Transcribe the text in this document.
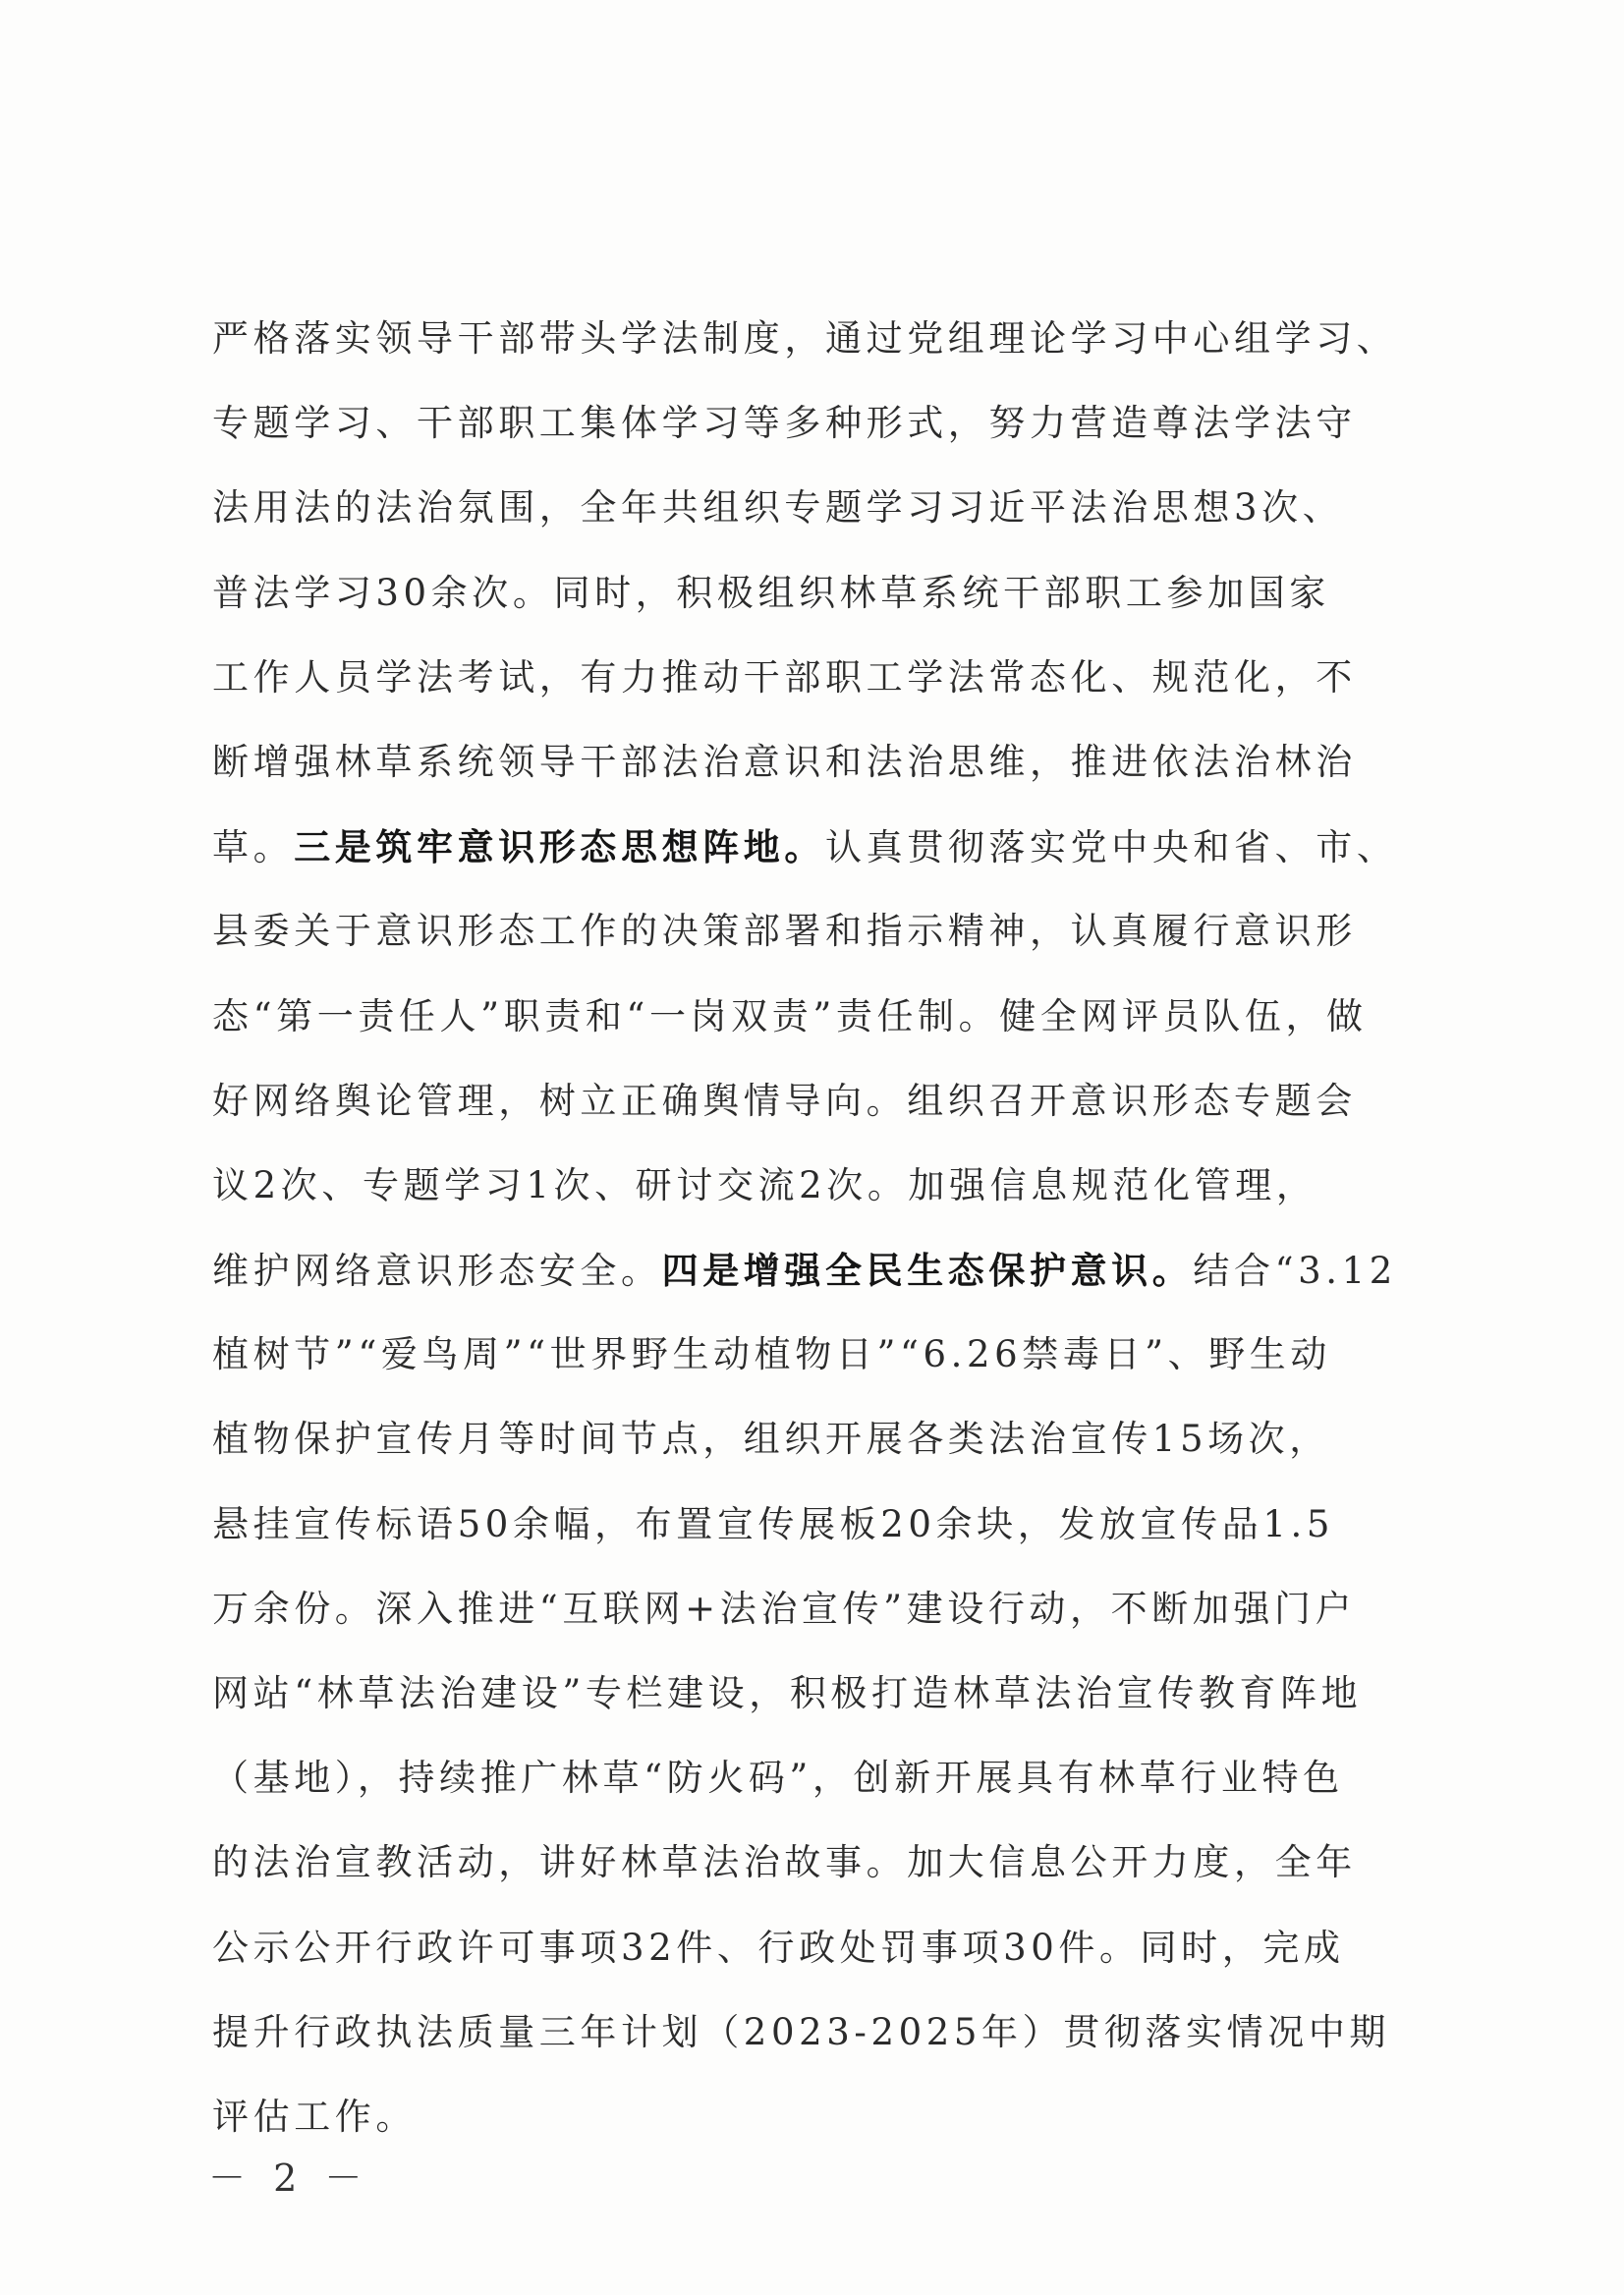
严格落实领导干部带头学法制度，通过党组理论学习中心组学习、
专题学习、干部职工集体学习等多种形式，努力营造尊法学法守
法用法的法治氛围，全年共组织专题学习习近平法治思想3次、
普法学习30余次。同时，积极组织林草系统干部职工参加国家
工作人员学法考试，有力推动干部职工学法常态化、规范化，不
断增强林草系统领导干部法治意识和法治思维，推进依法治林治
草。三是筑牢意识形态思想阵地。认真贯彻落实党中央和省、市、
县委关于意识形态工作的决策部署和指示精神，认真履行意识形
态“第一责任人”职责和“一岗双责”责任制。健全网评员队伍，做
好网络舆论管理，树立正确舆情导向。组织召开意识形态专题会
议2次、专题学习1次、研讨交流2次。加强信息规范化管理，
维护网络意识形态安全。四是增强全民生态保护意识。结合“3.12
植树节”“爱鸟周”“世界野生动植物日”“6.26禁毒日”、野生动
植物保护宣传月等时间节点，组织开展各类法治宣传15场次，
悬挂宣传标语50余幅，布置宣传展板20余块，发放宣传品1.5
万余份。深入推进“互联网+法治宣传”建设行动，不断加强门户
网站“林草法治建设”专栏建设，积极打造林草法治宣传教育阵地
（基地），持续推广林草“防火码”，创新开展具有林草行业特色
的法治宣教活动，讲好林草法治故事。加大信息公开力度，全年
公示公开行政许可事项32件、行政处罚事项30件。同时，完成
提升行政执法质量三年计划（2023-2025年）贯彻落实情况中期
评估工作。
－ 2 －
